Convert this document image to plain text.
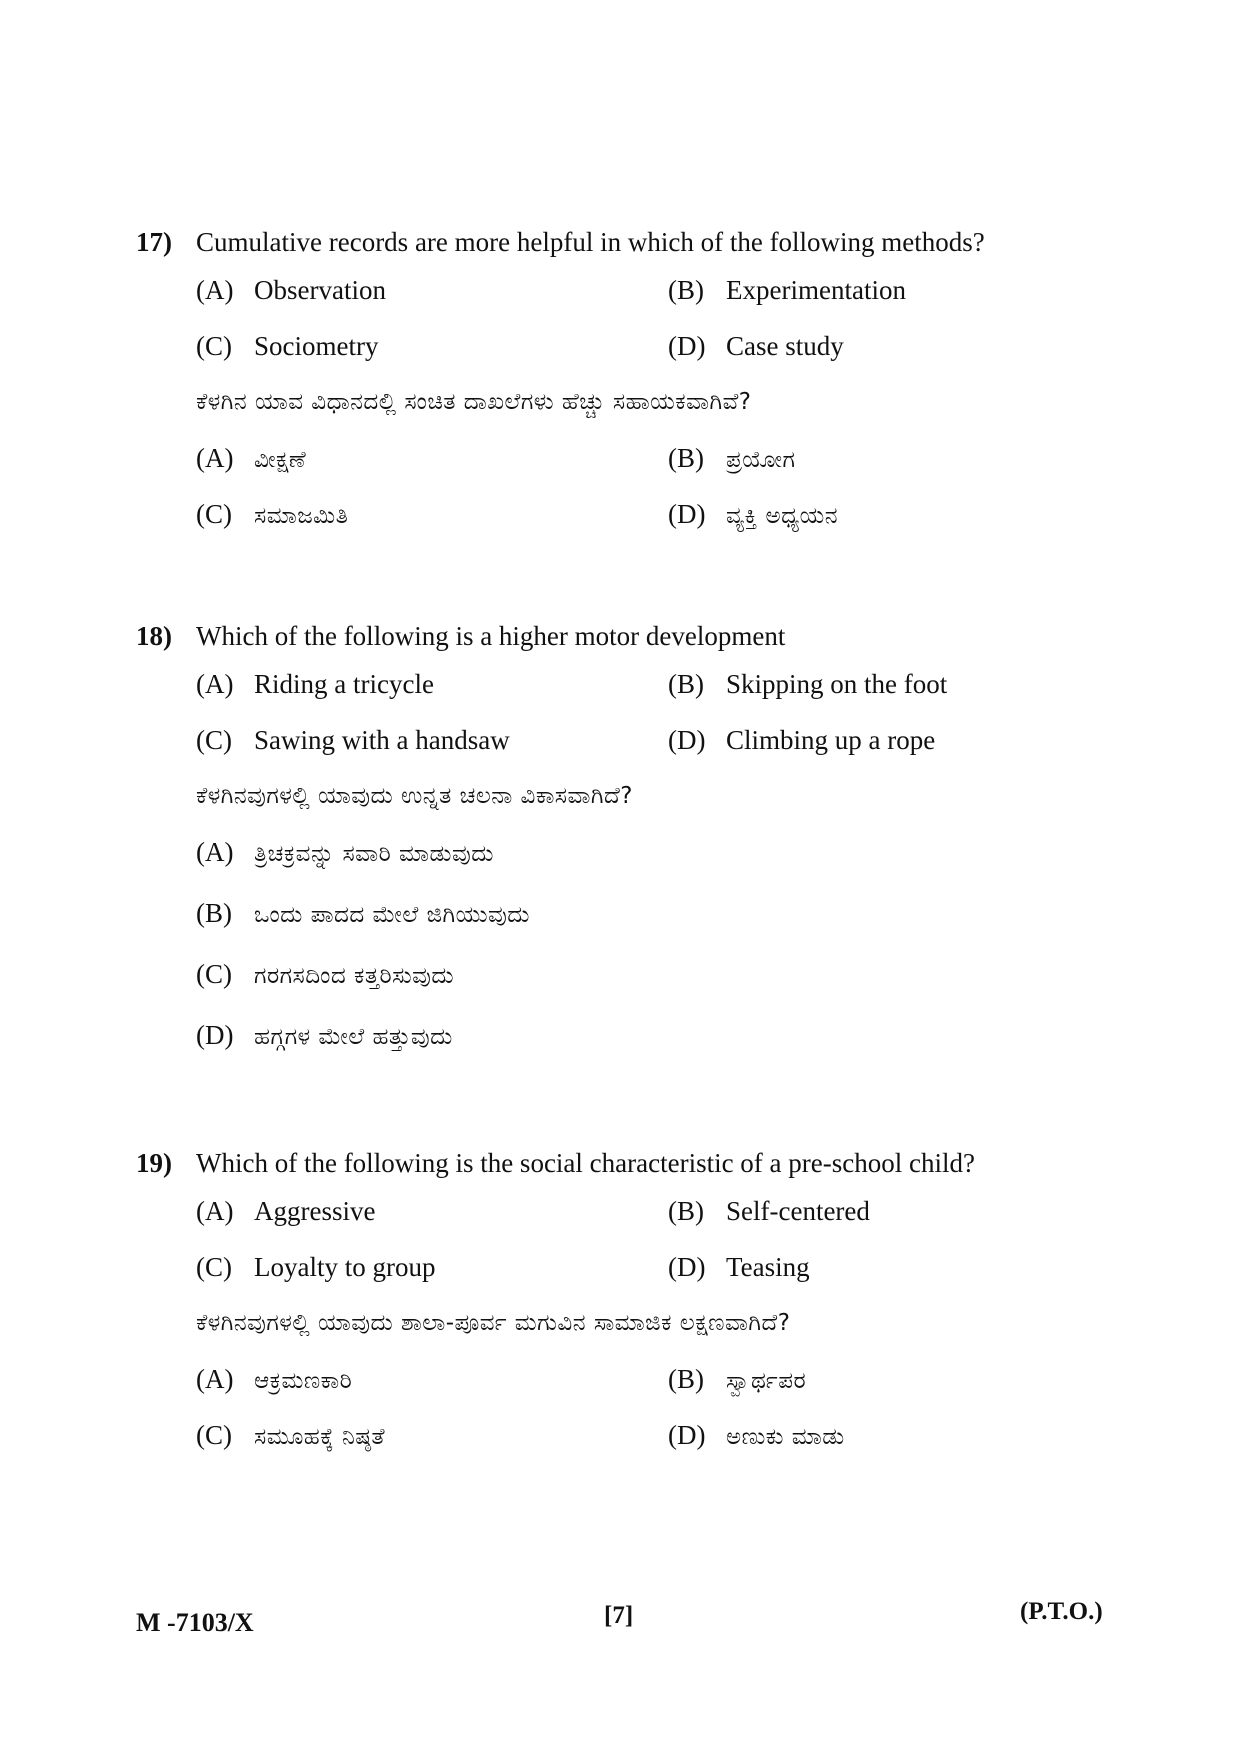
17) Cumulative records are more helpful in which of the following methods?
(A) Observation	(B) Experimentation
(C) Sociometry	(D) Case study
ಕೆಳಗಿನ ಯಾವ ವಿಧಾನದಲ್ಲಿ ಸಂಚಿತ ದಾಖಲೆಗಳು ಹೆಚ್ಚು ಸಹಾಯಕವಾಗಿವೆ?
(A) ವೀಕ್ಷಣೆ	(B) ಪ್ರಯೋಗ
(C) ಸಮಾಜಮಿತಿ	(D) ವ್ಯಕ್ತಿ ಅಧ್ಯಯನ
18) Which of the following is a higher motor development
(A) Riding a tricycle	(B) Skipping on the foot
(C) Sawing with a handsaw	(D) Climbing up a rope
ಕೆಳಗಿನವುಗಳಲ್ಲಿ ಯಾವುದು ಉನ್ನತ ಚಲನಾ ವಿಕಾಸವಾಗಿದೆ?
(A) ತ್ರಿಚಕ್ರವನ್ನು ಸವಾರಿ ಮಾಡುವುದು
(B) ಒಂದು ಪಾದದ ಮೇಲೆ ಜಿಗಿಯುವುದು
(C) ಗರಗಸದಿಂದ ಕತ್ತರಿಸುವುದು
(D) ಹಗ್ಗಗಳ ಮೇಲೆ ಹತ್ತುವುದು
19) Which of the following is the social characteristic of a pre-school child?
(A) Aggressive	(B) Self-centered
(C) Loyalty to group	(D) Teasing
ಕೆಳಗಿನವುಗಳಲ್ಲಿ ಯಾವುದು ಶಾಲಾ-ಪೂರ್ವ ಮಗುವಿನ ಸಾಮಾಜಿಕ ಲಕ್ಷಣವಾಗಿದೆ?
(A) ಆಕ್ರಮಣಕಾರಿ	(B) ಸ್ವಾರ್ಥಪರ
(C) ಸಮೂಹಕ್ಕೆ ನಿಷ್ಠತೆ	(D) ಅಣುಕು ಮಾಡು
M -7103/X	[7]	(P.T.O.)
